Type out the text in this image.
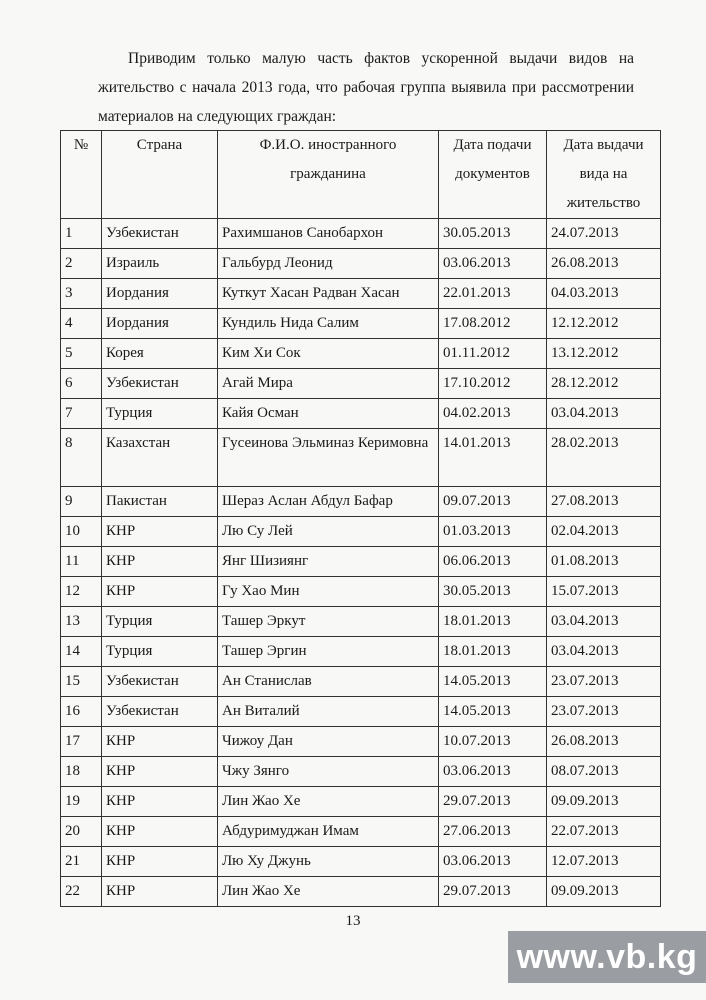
Приводим только малую часть фактов ускоренной выдачи видов на жительство с начала 2013 года, что рабочая группа выявила при рассмотрении материалов на следующих граждан:
№	Страна	Ф.И.О. иностранного гражданина	Дата подачи документов	Дата выдачи вида на жительство
1	Узбекистан	Рахимшанов Санобархон	30.05.2013	24.07.2013
2	Израиль	Гальбурд Леонид	03.06.2013	26.08.2013
3	Иордания	Куткут Хасан Радван Хасан	22.01.2013	04.03.2013
4	Иордания	Кундиль Нида Салим	17.08.2012	12.12.2012
5	Корея	Ким Хи Сок	01.11.2012	13.12.2012
6	Узбекистан	Агай Мира	17.10.2012	28.12.2012
7	Турция	Кайя Осман	04.02.2013	03.04.2013
8	Казахстан	Гусеинова Эльминаз Керимовна	14.01.2013	28.02.2013
9	Пакистан	Шераз Аслан Абдул Бафар	09.07.2013	27.08.2013
10	КНР	Лю Су Лей	01.03.2013	02.04.2013
11	КНР	Янг Шизиянг	06.06.2013	01.08.2013
12	КНР	Гу Хао Мин	30.05.2013	15.07.2013
13	Турция	Ташер Эркут	18.01.2013	03.04.2013
14	Турция	Ташер Эргин	18.01.2013	03.04.2013
15	Узбекистан	Ан Станислав	14.05.2013	23.07.2013
16	Узбекистан	Ан Виталий	14.05.2013	23.07.2013
17	КНР	Чижоу Дан	10.07.2013	26.08.2013
18	КНР	Чжу Зянго	03.06.2013	08.07.2013
19	КНР	Лин Жао Хе	29.07.2013	09.09.2013
20	КНР	Абдуримуджан Имам	27.06.2013	22.07.2013
21	КНР	Лю Ху Джунь	03.06.2013	12.07.2013
22	КНР	Лин Жао Хе	29.07.2013	09.09.2013
13
www.vb.kg
